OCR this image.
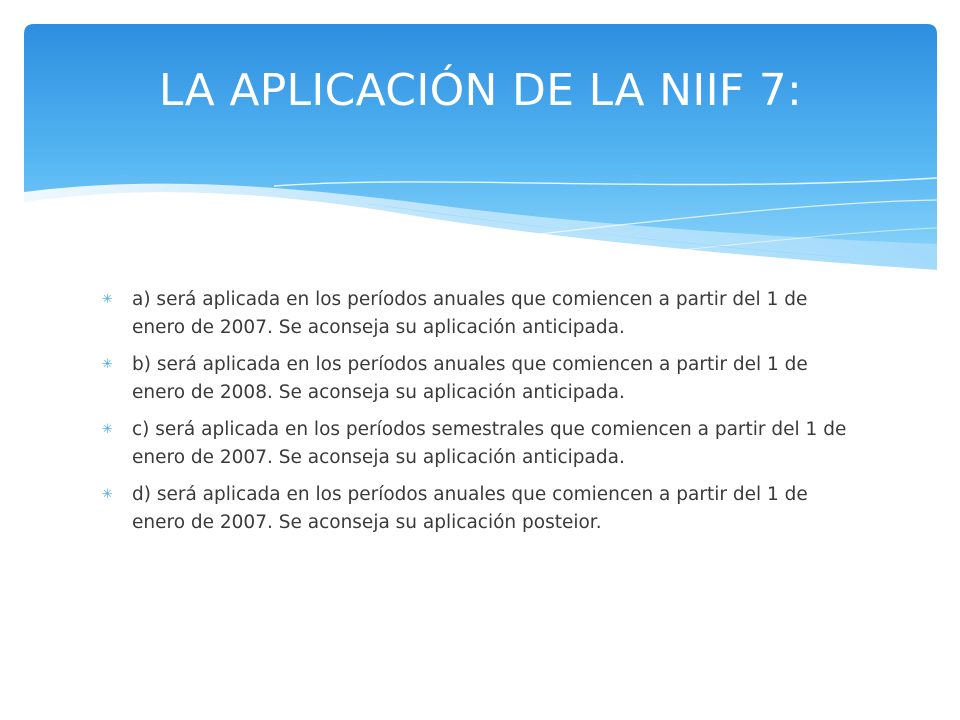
LA APLICACIÓN DE LA NIIF 7:
✳	a) será aplicada en los períodos anuales que comiencen a partir del 1 de enero de 2007. Se aconseja su aplicación anticipada.
✳	b) será aplicada en los períodos anuales que comiencen a partir del 1 de enero de 2008. Se aconseja su aplicación anticipada.
✳	c) será aplicada en los períodos semestrales que comiencen a partir del 1 de enero de 2007. Se aconseja su aplicación anticipada.
✳	d) será aplicada en los períodos anuales que comiencen a partir del 1 de enero de 2007. Se aconseja su aplicación posteior.
